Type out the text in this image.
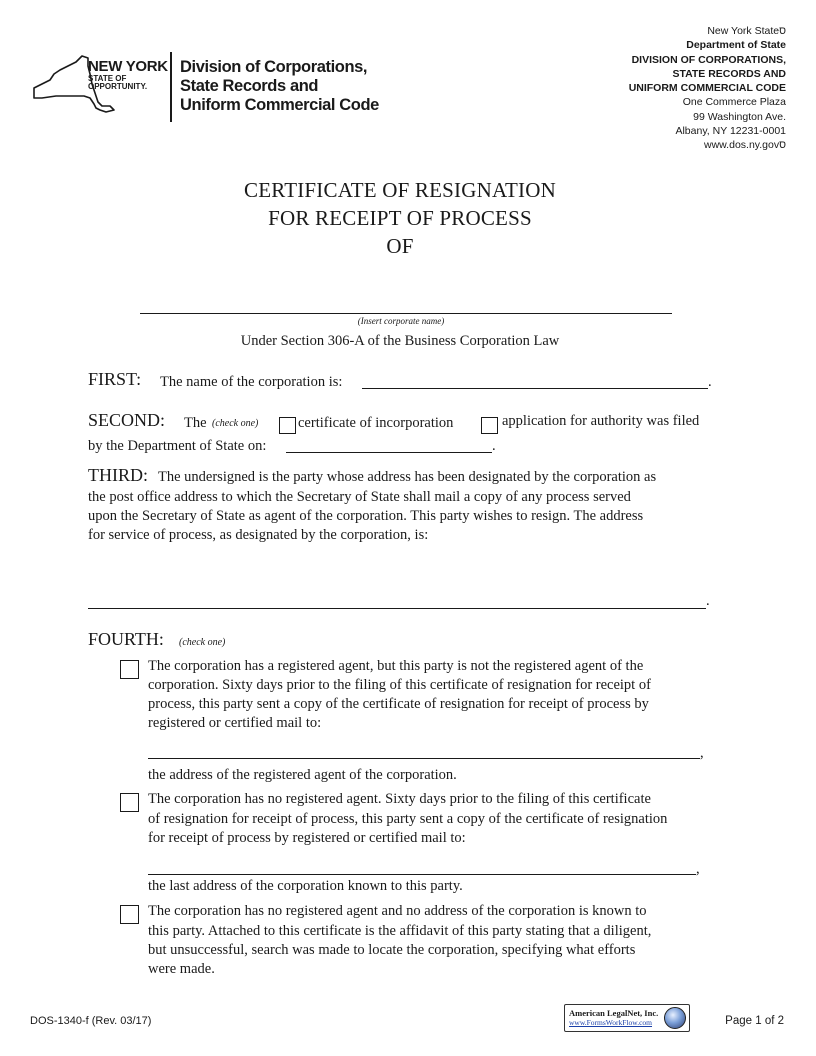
NEW YORK
STATE OF
OPPORTUNITY.
Division of Corporations,
State Records and
Uniform Commercial Code
New York Stateס
Department of State
DIVISION OF CORPORATIONS,
STATE RECORDS AND
UNIFORM COMMERCIAL CODE
One Commerce Plaza
99 Washington Ave.
Albany, NY 12231-0001
www.dos.ny.govס
CERTIFICATE OF RESIGNATION
FOR RECEIPT OF PROCESS
OF
(Insert corporate name)
Under Section 306-A of the Business Corporation Law
FIRST: The name of the corporation is:	.
SECOND: The (check one)	certificate of incorporation	application for authority was filed
by the Department of State on:	.
THIRD: The undersigned is the party whose address has been designated by the corporation as
the post office address to which the Secretary of State shall mail a copy of any process served
upon the Secretary of State as agent of the corporation. This party wishes to resign. The address
for service of process, as designated by the corporation, is:
.
FOURTH: (check one)
The corporation has a registered agent, but this party is not the registered agent of the
corporation. Sixty days prior to the filing of this certificate of resignation for receipt of
process, this party sent a copy of the certificate of resignation for receipt of process by
registered or certified mail to:
,
the address of the registered agent of the corporation.
The corporation has no registered agent. Sixty days prior to the filing of this certificate
of resignation for receipt of process, this party sent a copy of the certificate of resignation
for receipt of process by registered or certified mail to:
,
the last address of the corporation known to this party.
The corporation has no registered agent and no address of the corporation is known to
this party. Attached to this certificate is the affidavit of this party stating that a diligent,
but unsuccessful, search was made to locate the corporation, specifying what efforts
were made.
DOS-1340-f (Rev. 03/17)
American LegalNet, Inc.
www.FormsWorkFlow.com	Page 1 of 2
